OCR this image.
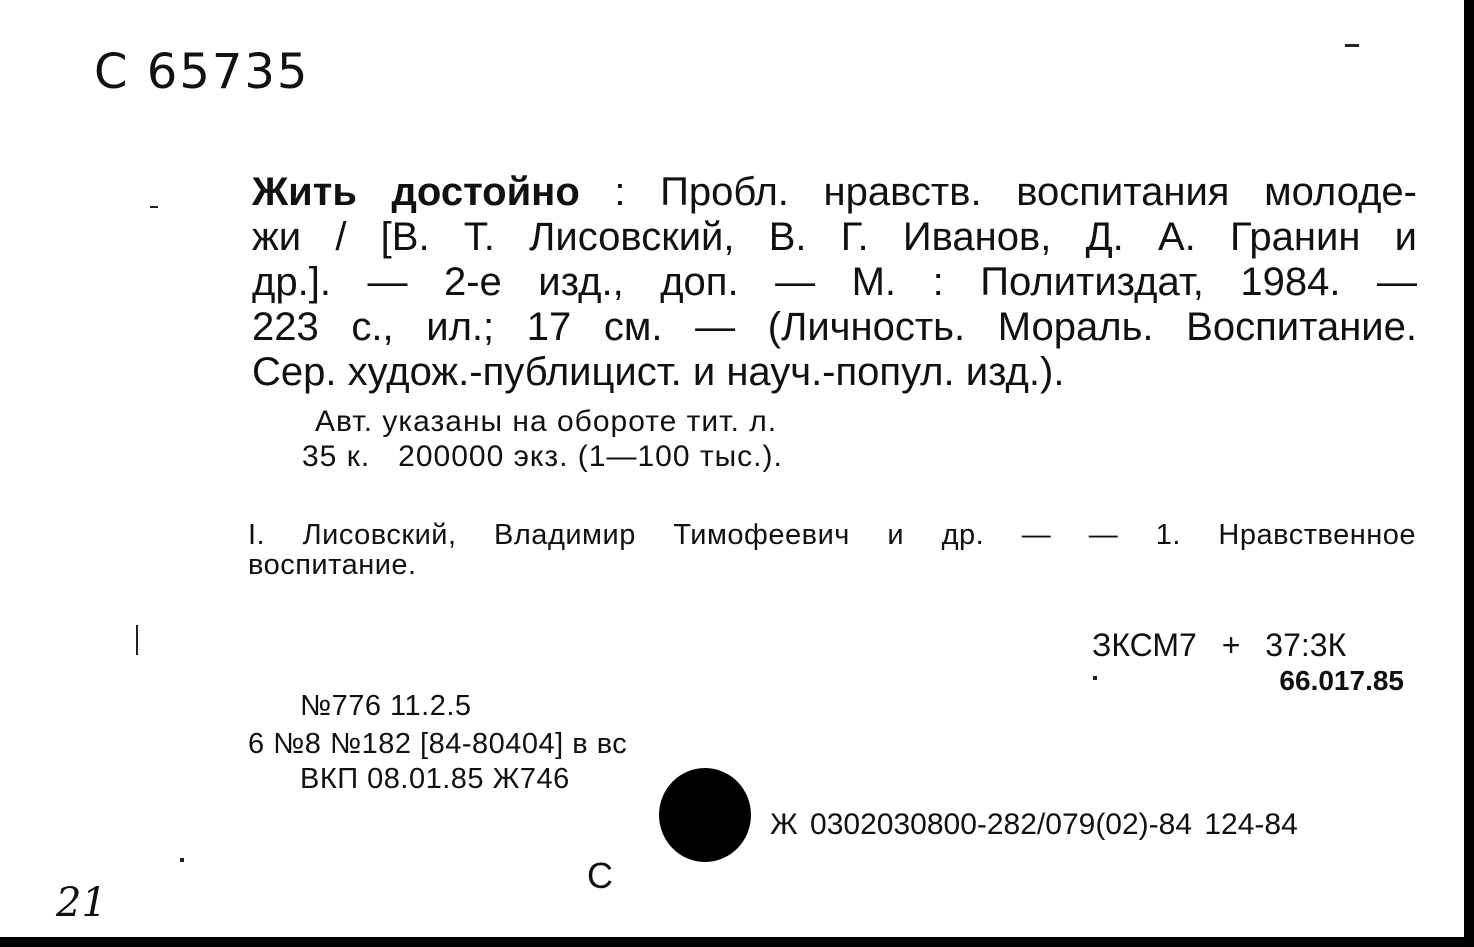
C 65735
Жить достойно : Пробл. нравств. воспитания молоде-
жи / [В. Т. Лисовский, В. Г. Иванов, Д. А. Гранин и
др.]. — 2-е изд., доп. — М. : Политиздат, 1984. —
223 с., ил.; 17 см. — (Личность. Мораль. Воспитание.
Сер. худож.-публицист. и науч.-попул. изд.).
Авт. указаны на обороте тит. л.
35 к.   200000 экз. (1—100 тыс.).
I. Лисовский, Владимир Тимофеевич и др. — — 1. Нравственное
воспитание.
ЗКСМ7 + 37:3К
66.017.85
№776 11.2.5
6 №8 №182 [84-80404] в вс
ВКП 08.01.85 Ж746
Ж 0302030800-282/079(02)-84 124-84
С
21
